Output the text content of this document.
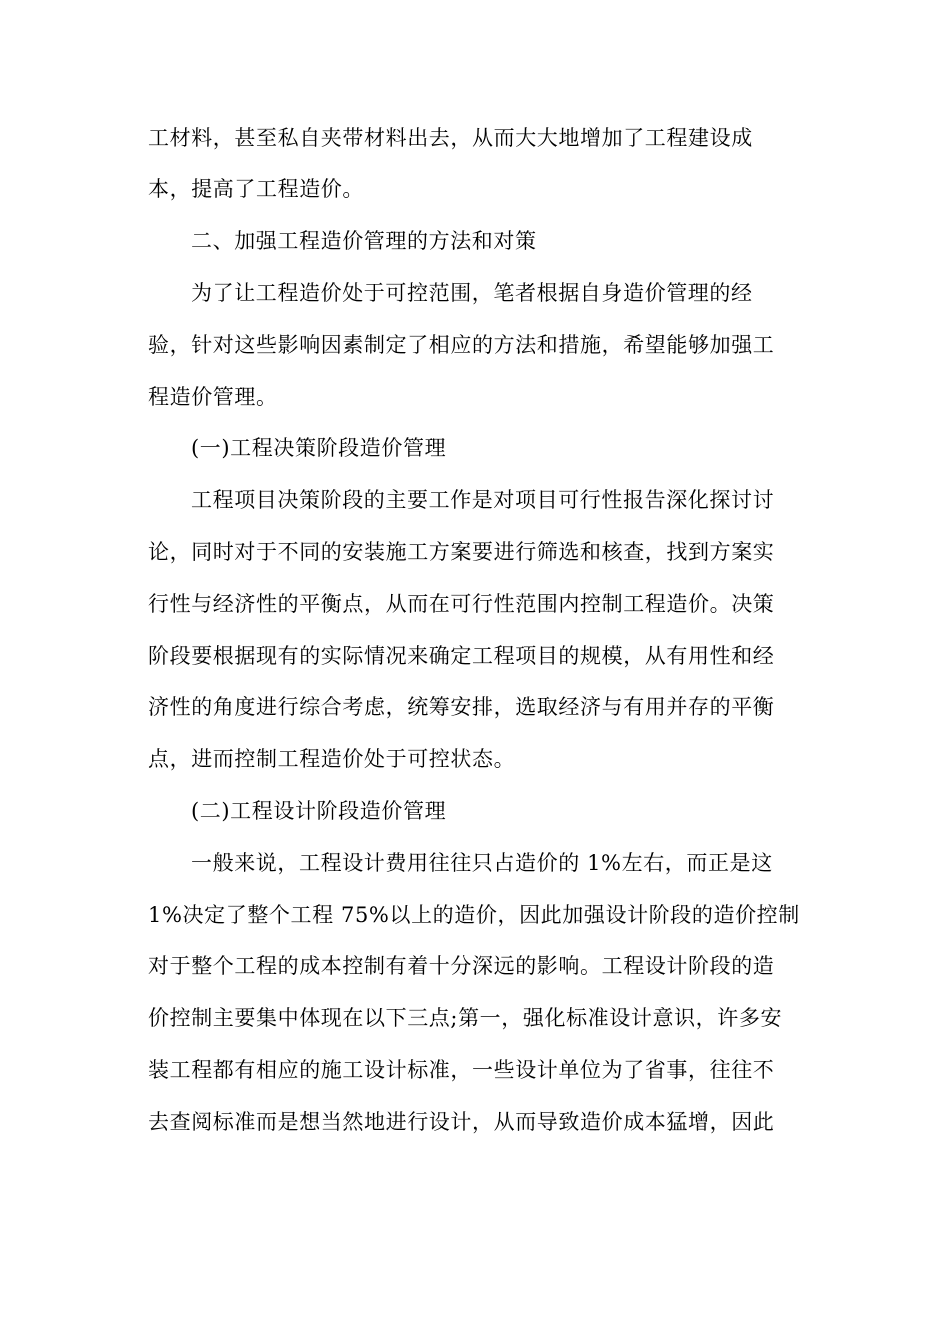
工材料，甚至私自夹带材料出去，从而大大地增加了工程建设成
本，提高了工程造价。
二、加强工程造价管理的方法和对策
为了让工程造价处于可控范围，笔者根据自身造价管理的经
验，针对这些影响因素制定了相应的方法和措施，希望能够加强工
程造价管理。
(一)工程决策阶段造价管理
工程项目决策阶段的主要工作是对项目可行性报告深化探讨讨
论，同时对于不同的安装施工方案要进行筛选和核查，找到方案实
行性与经济性的平衡点，从而在可行性范围内控制工程造价。决策
阶段要根据现有的实际情况来确定工程项目的规模，从有用性和经
济性的角度进行综合考虑，统筹安排，选取经济与有用并存的平衡
点，进而控制工程造价处于可控状态。
(二)工程设计阶段造价管理
一般来说，工程设计费用往往只占造价的 1%左右，而正是这
1%决定了整个工程 75%以上的造价，因此加强设计阶段的造价控制
对于整个工程的成本控制有着十分深远的影响。工程设计阶段的造
价控制主要集中体现在以下三点;第一，强化标准设计意识，许多安
装工程都有相应的施工设计标准，一些设计单位为了省事，往往不
去查阅标准而是想当然地进行设计，从而导致造价成本猛增，因此
